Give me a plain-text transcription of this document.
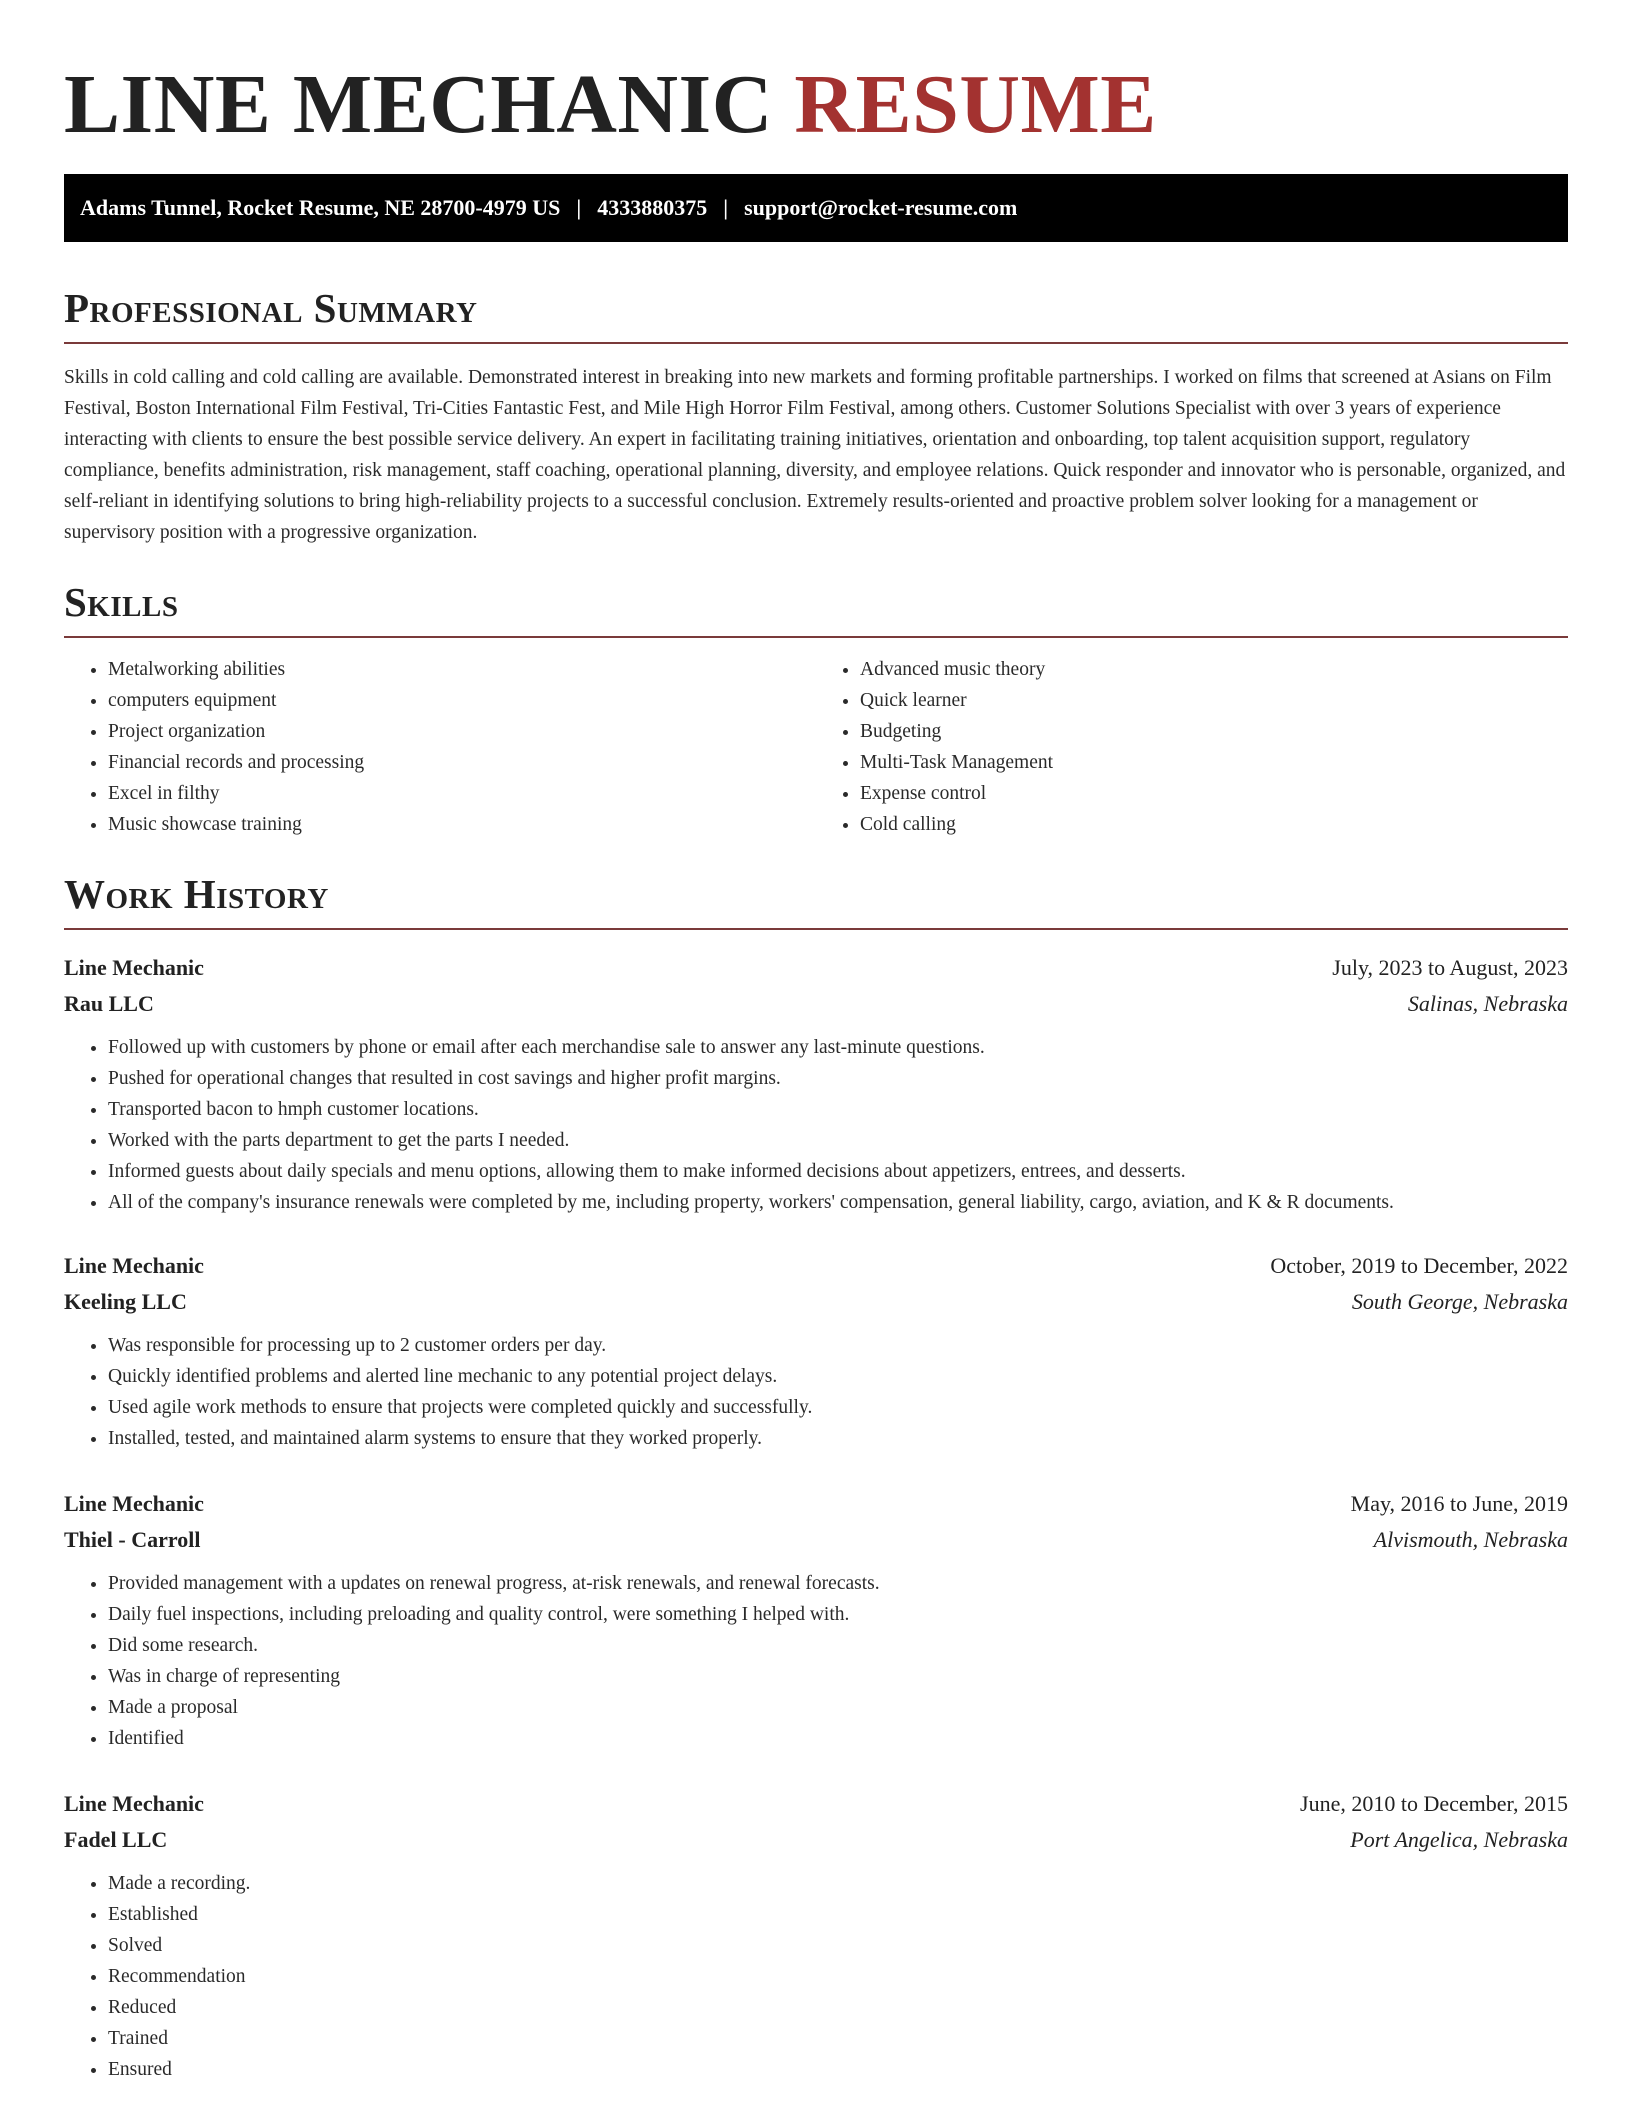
LINE MECHANIC RESUME
Adams Tunnel, Rocket Resume, NE 28700-4979 US | 4333880375 | support@rocket-resume.com
Professional Summary

Skills in cold calling and cold calling are available. Demonstrated interest in breaking into new markets and forming profitable partnerships. I worked on films that screened at Asians on Film Festival, Boston International Film Festival, Tri-Cities Fantastic Fest, and Mile High Horror Film Festival, among others. Customer Solutions Specialist with over 3 years of experience interacting with clients to ensure the best possible service delivery. An expert in facilitating training initiatives, orientation and onboarding, top talent acquisition support, regulatory compliance, benefits administration, risk management, staff coaching, operational planning, diversity, and employee relations. Quick responder and innovator who is personable, organized, and self-reliant in identifying solutions to bring high-reliability projects to a successful conclusion. Extremely results-oriented and proactive problem solver looking for a management or supervisory position with a progressive organization.

Skills
• Metalworking abilities
• computers equipment
• Project organization
• Financial records and processing
• Excel in filthy
• Music showcase training
• Advanced music theory
• Quick learner
• Budgeting
• Multi-Task Management
• Expense control
• Cold calling
Work History
Line Mechanic	July, 2023 to August, 2023
Rau LLC	Salinas, Nebraska
• Followed up with customers by phone or email after each merchandise sale to answer any last-minute questions.
• Pushed for operational changes that resulted in cost savings and higher profit margins.
• Transported bacon to hmph customer locations.
• Worked with the parts department to get the parts I needed.
• Informed guests about daily specials and menu options, allowing them to make informed decisions about appetizers, entrees, and desserts.
• All of the company's insurance renewals were completed by me, including property, workers' compensation, general liability, cargo, aviation, and K & R documents.
Line Mechanic	October, 2019 to December, 2022
Keeling LLC	South George, Nebraska
• Was responsible for processing up to 2 customer orders per day.
• Quickly identified problems and alerted line mechanic to any potential project delays.
• Used agile work methods to ensure that projects were completed quickly and successfully.
• Installed, tested, and maintained alarm systems to ensure that they worked properly.
Line Mechanic	May, 2016 to June, 2019
Thiel - Carroll	Alvismouth, Nebraska
• Provided management with a updates on renewal progress, at-risk renewals, and renewal forecasts.
• Daily fuel inspections, including preloading and quality control, were something I helped with.
• Did some research.
• Was in charge of representing
• Made a proposal
• Identified
Line Mechanic	June, 2010 to December, 2015
Fadel LLC	Port Angelica, Nebraska
• Made a recording.
• Established
• Solved
• Recommendation
• Reduced
• Trained
• Ensured
